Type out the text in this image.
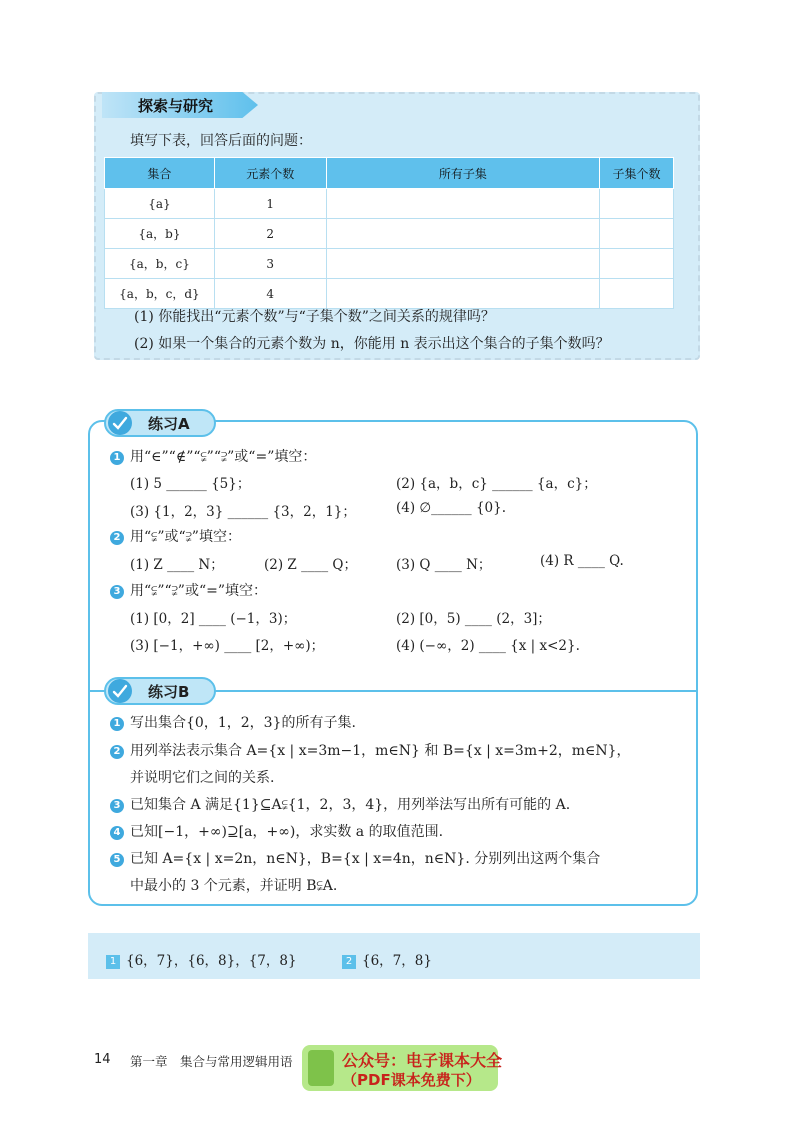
探索与研究
填写下表，回答后面的问题：
集合	元素个数	所有子集	子集个数
{a}	1		
{a，b}	2		
{a，b，c}	3		
{a，b，c，d}	4		
(1) 你能找出“元素个数”与“子集个数”之间关系的规律吗？
(2) 如果一个集合的元素个数为 n，你能用 n 表示出这个集合的子集个数吗？
练习A
1 用“∈”“∉”“⫋”“⫌”或“=”填空：
(1) 5 ______ {5}；	(2) {a，b，c} ______ {a，c}；
(3) {1，2，3} ______ {3，2，1}；	(4) ∅______ {0}.
2 用“⫋”或“⫌”填空：
(1) Z ____ N；	(2) Z ____ Q；	(3) Q ____ N；	(4) R ____ Q.
3 用“⫋”“⫌”或“=”填空：
(1) [0，2] ____ (−1，3)；	(2) [0，5) ____ (2，3]；
(3) [−1，+∞) ____ [2，+∞)；	(4) (−∞，2) ____ {x | x<2}.
练习B
1 写出集合{0，1，2，3}的所有子集.
2 用列举法表示集合 A={x | x=3m−1，m∈N} 和 B={x | x=3m+2，m∈N}，
并说明它们之间的关系.
3 已知集合 A 满足{1}⊆A⫋{1，2，3，4}，用列举法写出所有可能的 A.
4 已知[−1，+∞)⊇[a，+∞)，求实数 a 的取值范围.
5 已知 A={x | x=2n，n∈N}，B={x | x=4n，n∈N}. 分别列出这两个集合
中最小的 3 个元素，并证明 B⫋A.
1 {6，7}，{6，8}，{7，8}	2 {6，7，8}
14 第一章　集合与常用逻辑用语	公众号：电子课本大全
（PDF课本免费下）
